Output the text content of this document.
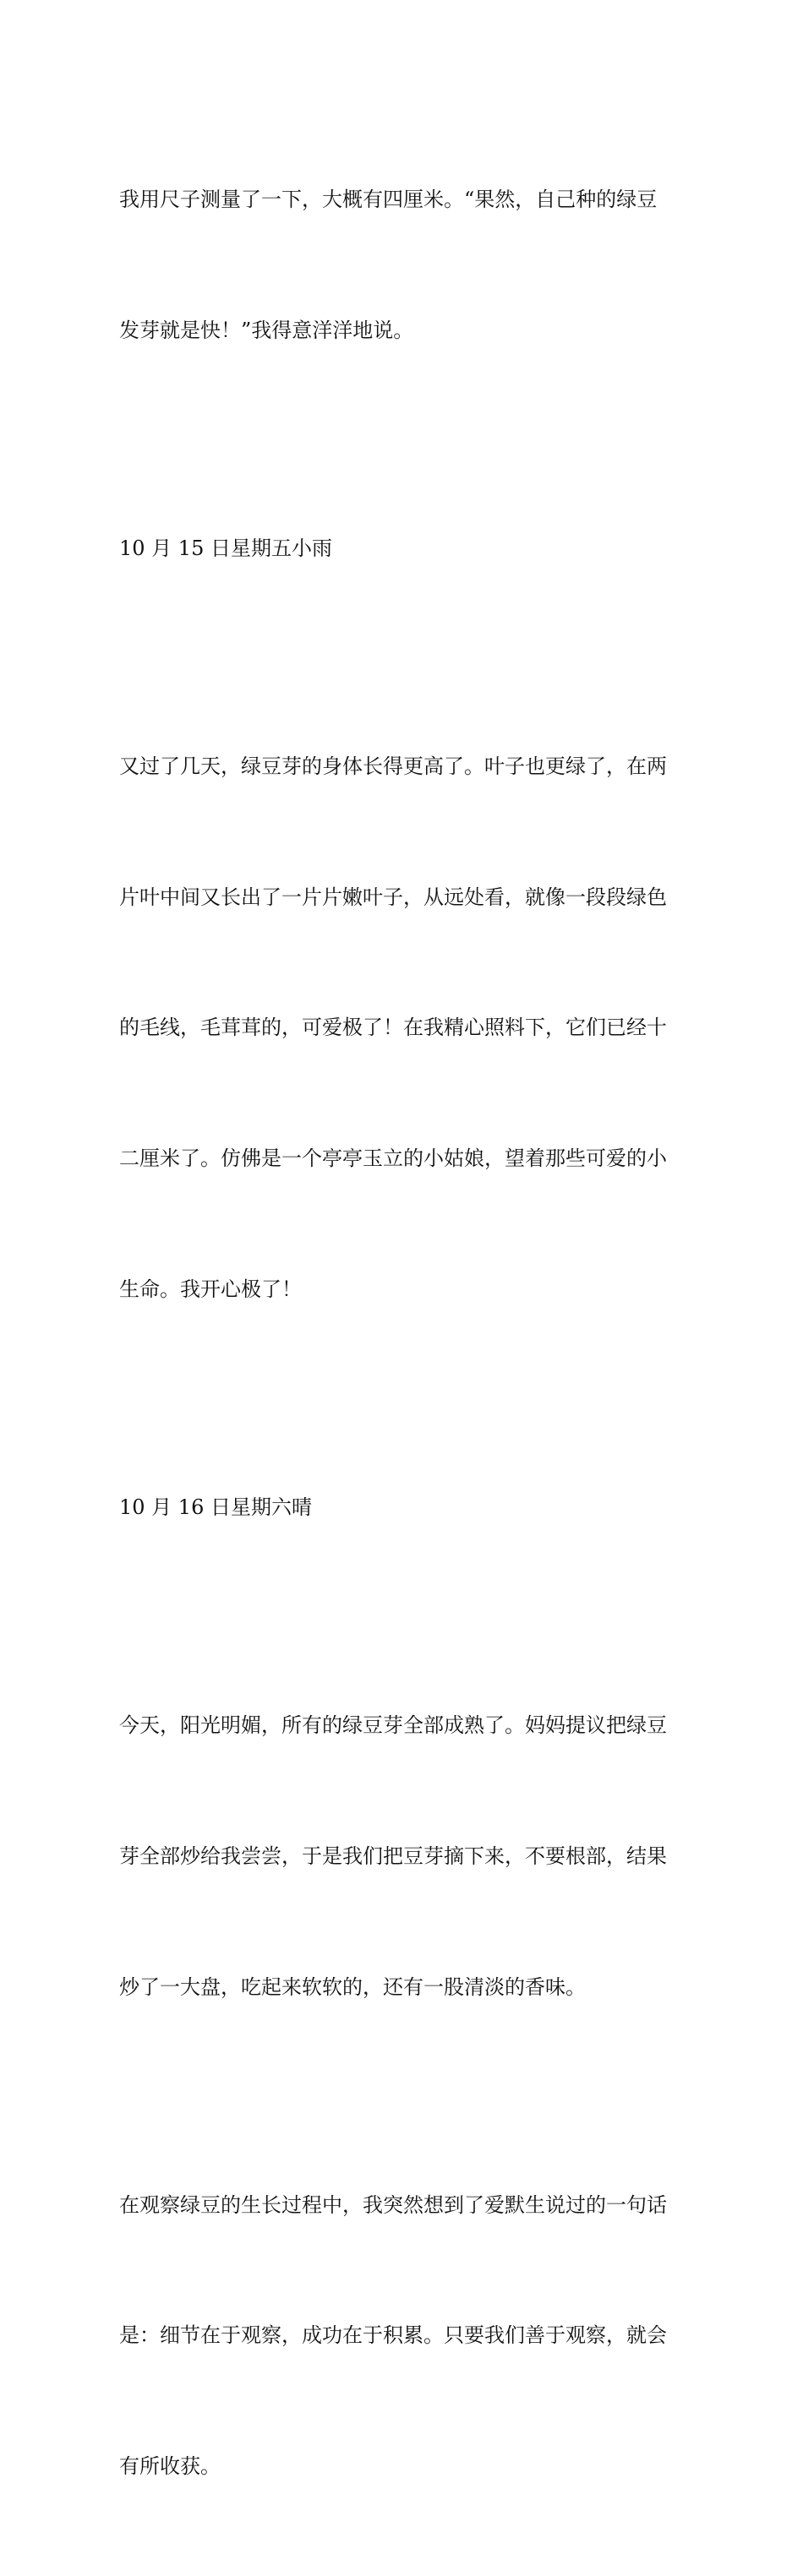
我用尺子测量了一下，大概有四厘米。“果然，自己种的绿豆

发芽就是快！”我得意洋洋地说。

10 月 15 日星期五小雨

又过了几天，绿豆芽的身体长得更高了。叶子也更绿了，在两

片叶中间又长出了一片片嫩叶子，从远处看，就像一段段绿色

的毛线，毛茸茸的，可爱极了！在我精心照料下，它们已经十

二厘米了。仿佛是一个亭亭玉立的小姑娘，望着那些可爱的小

生命。我开心极了！

10 月 16 日星期六晴

今天，阳光明媚，所有的绿豆芽全部成熟了。妈妈提议把绿豆

芽全部炒给我尝尝，于是我们把豆芽摘下来，不要根部，结果

炒了一大盘，吃起来软软的，还有一股清淡的香味。

在观察绿豆的生长过程中，我突然想到了爱默生说过的一句话

是：细节在于观察，成功在于积累。只要我们善于观察，就会

有所收获。
